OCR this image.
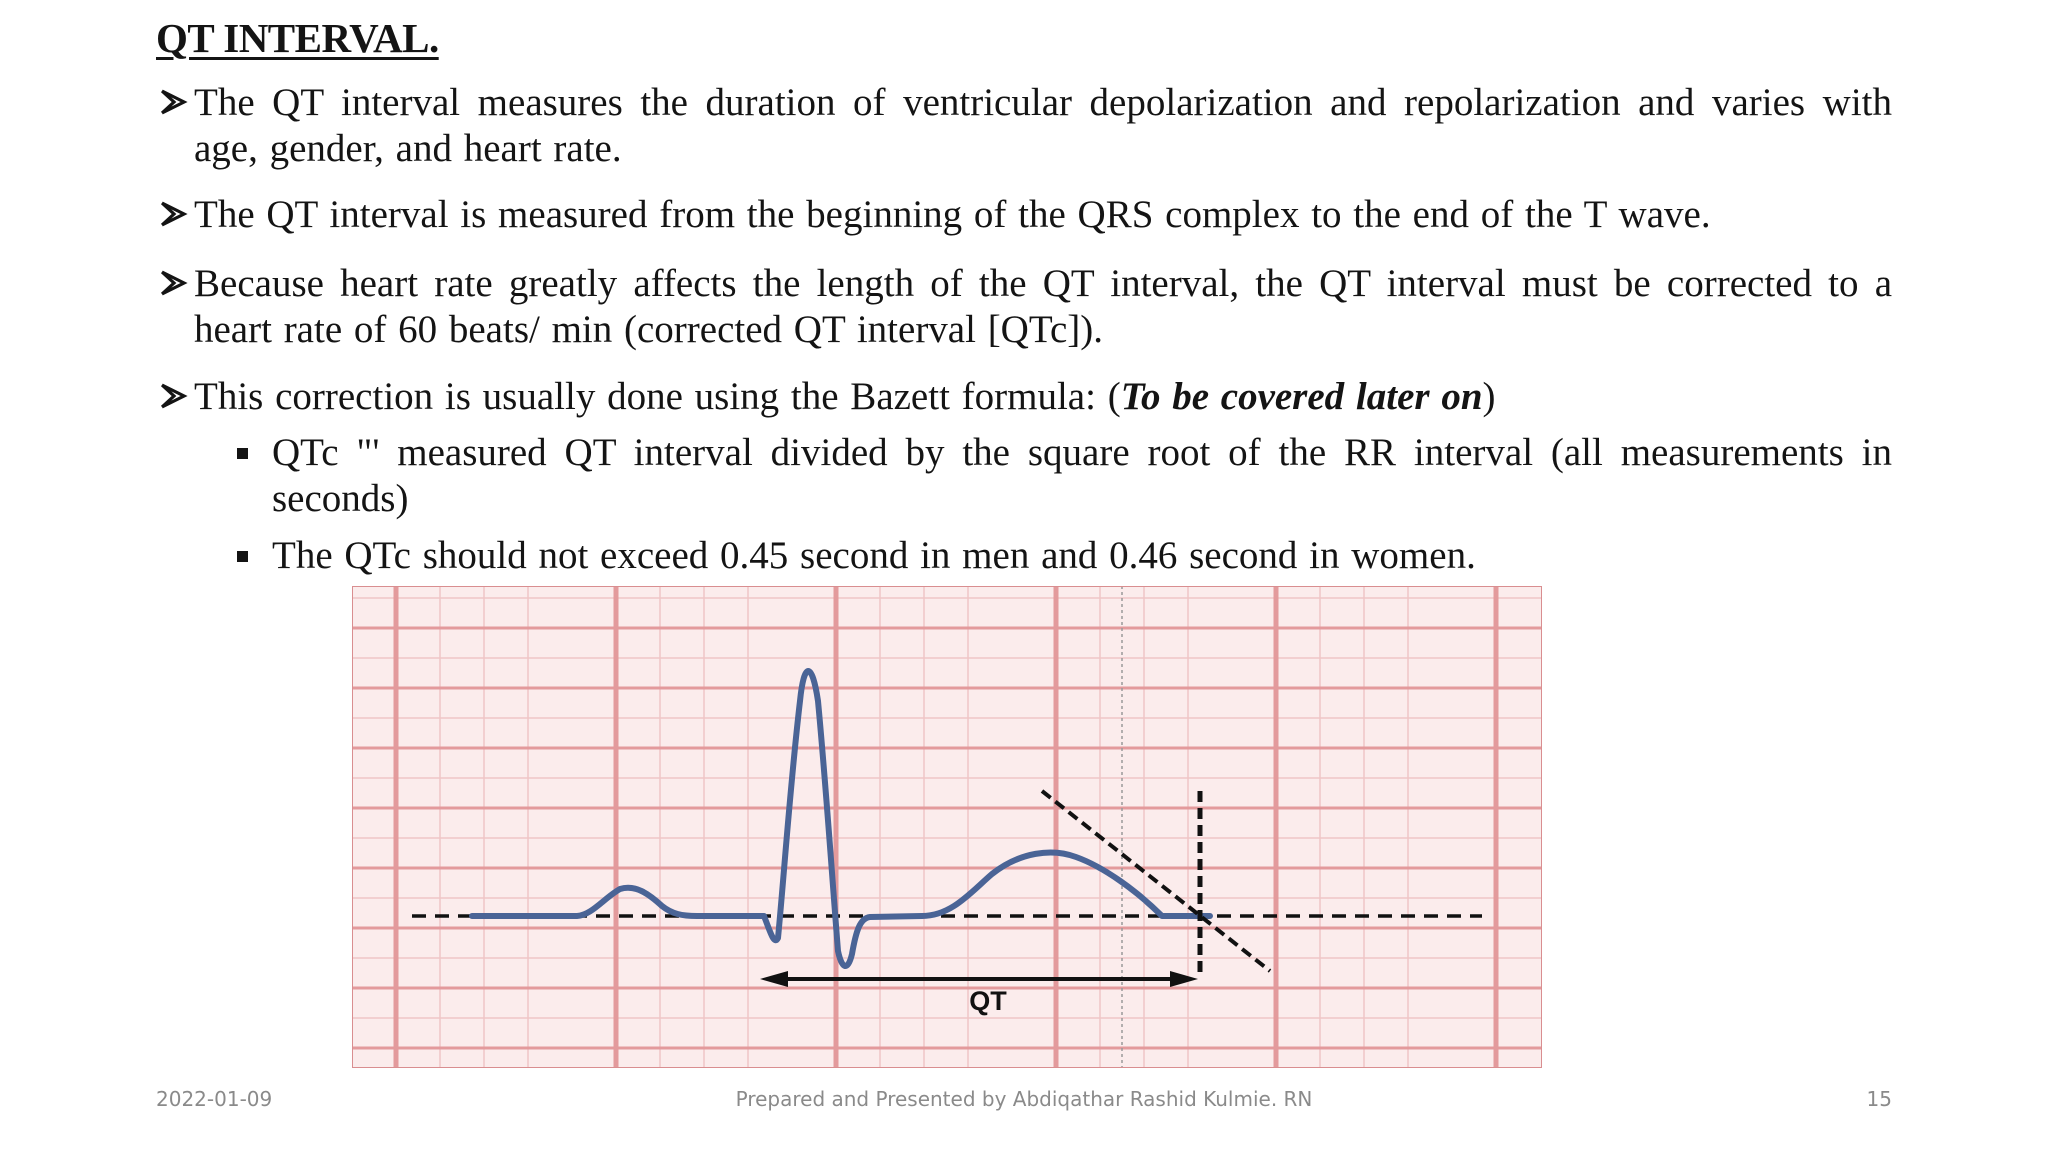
QT INTERVAL.
The QT interval measures the duration of ventricular depolarization and repolarization and varies with age, gender, and heart rate.
The QT interval is measured from the beginning of the QRS complex to the end of the T wave.
Because heart rate greatly affects the length of the QT interval, the QT interval must be corrected to a heart rate of 60 beats/ min (corrected QT interval [QTc]).
This correction is usually done using the Bazett formula: (To be covered later on)
QTc "' measured QT interval divided by the square root of the RR interval (all measurements in seconds)
The QTc should not exceed 0.45 second in men and 0.46 second in women.
QT
2022-01-09	Prepared and Presented by Abdiqathar Rashid Kulmie. RN	15
